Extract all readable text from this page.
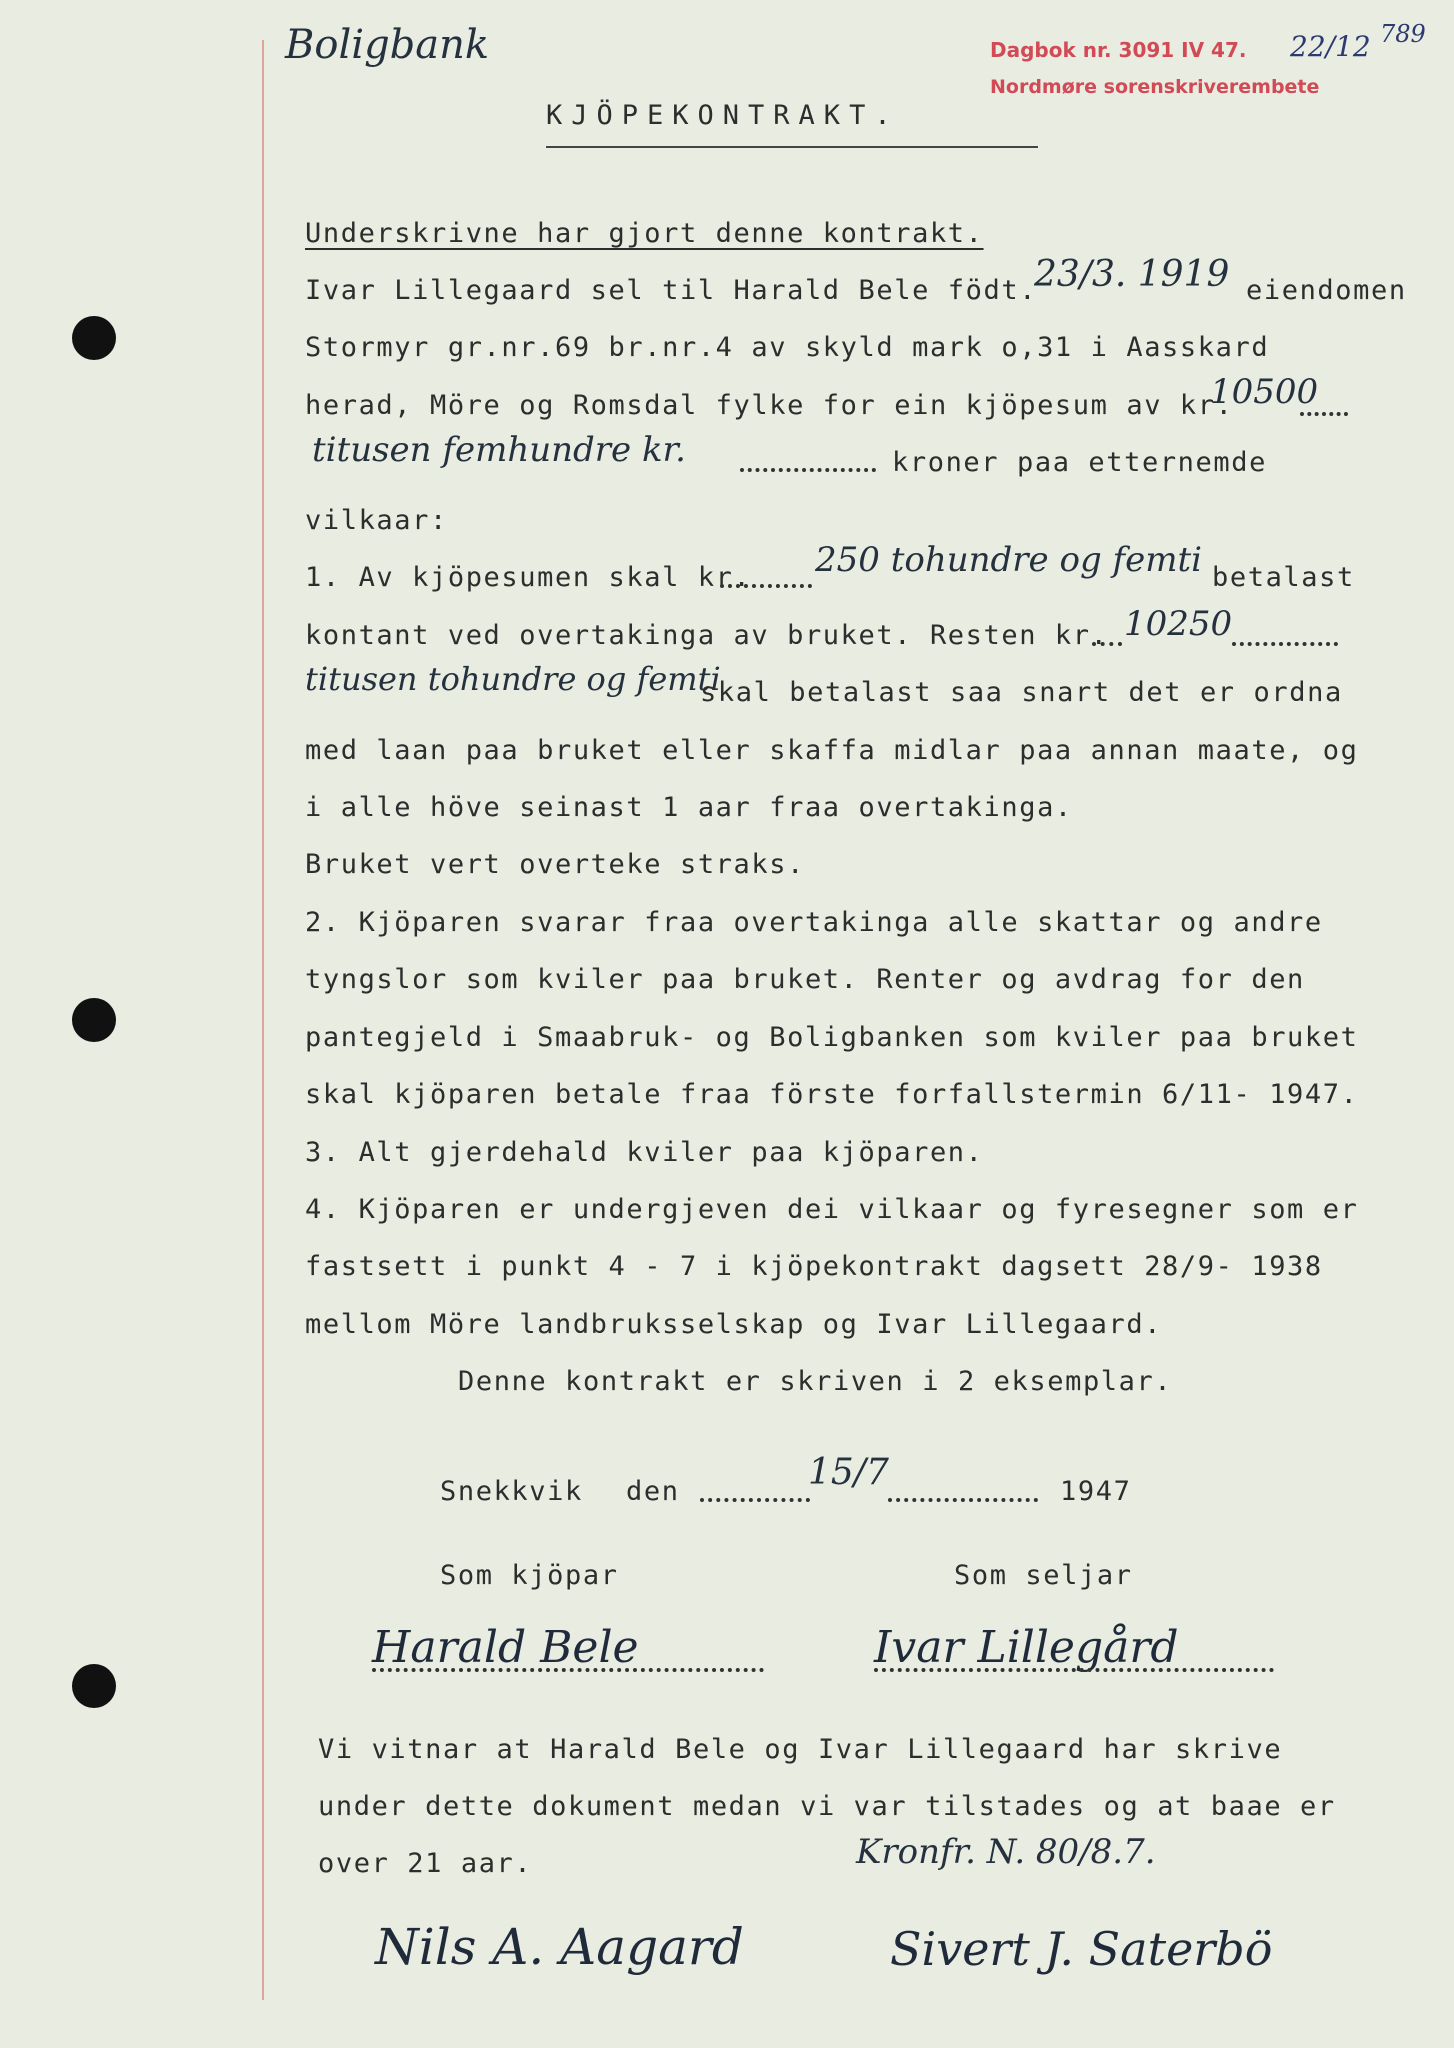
Boligbank	Dagbok nr. 3091 IV 47. 22/12 789
Nordmøre sorenskriverembete
KJÖPEKONTRAKT.
Underskrivne har gjort denne kontrakt.
Ivar Lillegaard sel til Harald Bele födt.
23/3. 1919 eiendomen
Stormyr gr.nr.69 br.nr.4 av skyld mark o,31 i Aasskard
herad, Möre og Romsdal fylke for ein kjöpesum av kr.
10500
titusen femhundre kr.	kroner paa etternemde
vilkaar:
1. Av kjöpesumen skal kr. 250 tohundre og femti betalast
kontant ved overtakinga av bruket. Resten kr. 10250
titusen tohundre og femti
skal betalast saa snart det er ordna
med laan paa bruket eller skaffa midlar paa annan maate, og
i alle höve seinast 1 aar fraa overtakinga.
Bruket vert overteke straks.
2. Kjöparen svarar fraa overtakinga alle skattar og andre
tyngslor som kviler paa bruket. Renter og avdrag for den
pantegjeld i Smaabruk- og Boligbanken som kviler paa bruket
skal kjöparen betale fraa förste forfallstermin 6/11- 1947.
3. Alt gjerdehald kviler paa kjöparen.
4. Kjöparen er undergjeven dei vilkaar og fyresegner som er
fastsett i punkt 4 - 7 i kjöpekontrakt dagsett 28/9- 1938
mellom Möre landbruksselskap og Ivar Lillegaard.
Denne kontrakt er skriven i 2 eksemplar.
Snekkvik den	15/7	1947
Som kjöpar	Som seljar
Harald Bele	Ivar Lillegård
Vi vitnar at Harald Bele og Ivar Lillegaard har skrive
under dette dokument medan vi var tilstades og at baae er
over 21 aar.	Kronfr. N. 80/8.7.
Nils A. Aagard	Sivert J. Saterbö
